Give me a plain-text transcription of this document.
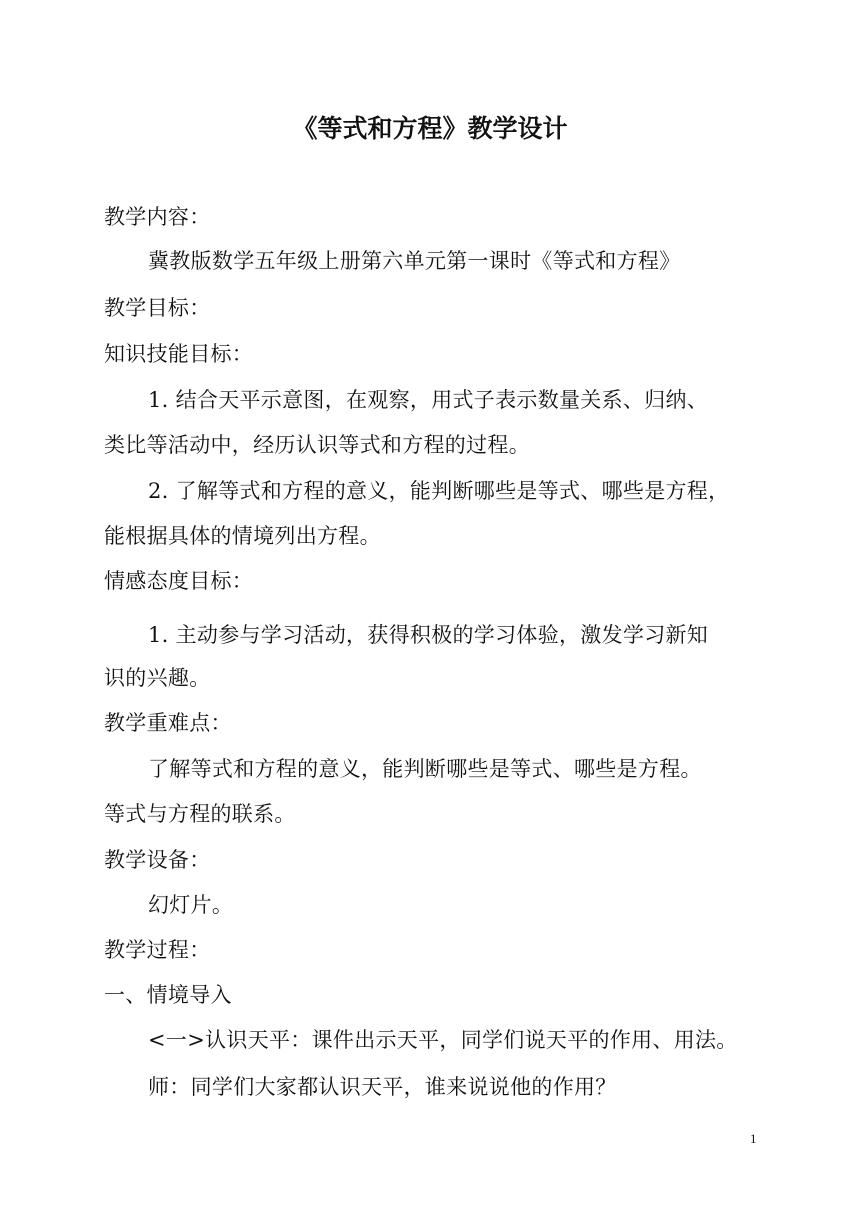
《等式和方程》教学设计
教学内容：
冀教版数学五年级上册第六单元第一课时《等式和方程》
教学目标：
知识技能目标：
1. 结合天平示意图，在观察，用式子表示数量关系、归纳、
类比等活动中，经历认识等式和方程的过程。
2. 了解等式和方程的意义，能判断哪些是等式、哪些是方程，
能根据具体的情境列出方程。
情感态度目标：
1. 主动参与学习活动，获得积极的学习体验，激发学习新知
识的兴趣。
教学重难点：
了解等式和方程的意义，能判断哪些是等式、哪些是方程。
等式与方程的联系。
教学设备：
幻灯片。
教学过程：
一、情境导入
<一>认识天平：课件出示天平，同学们说天平的作用、用法。
师：同学们大家都认识天平，谁来说说他的作用？
1
